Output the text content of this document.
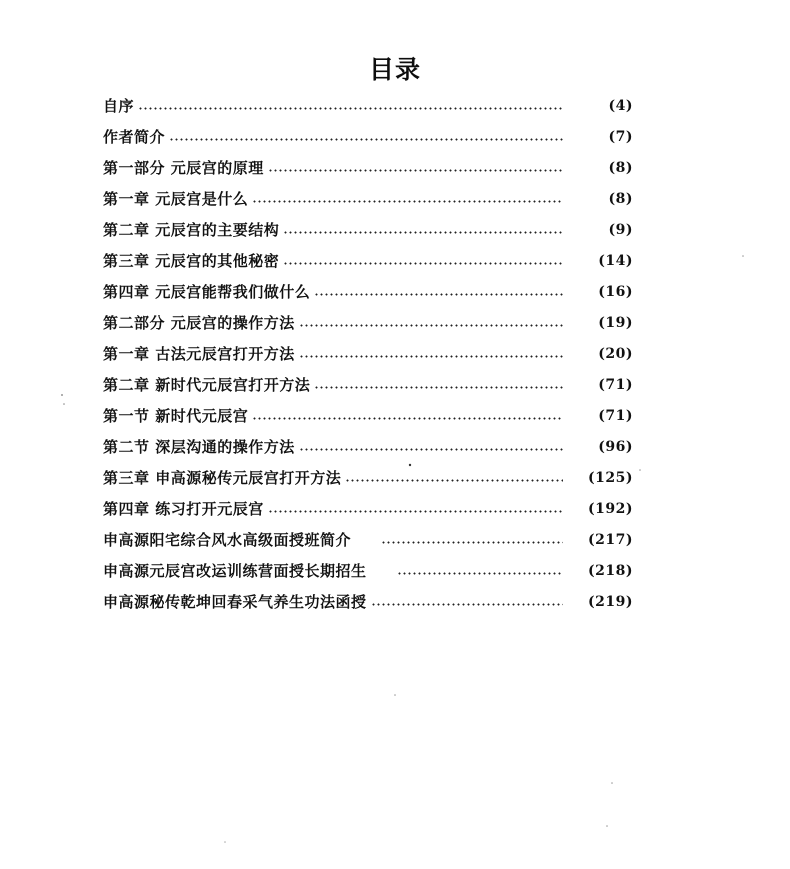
目录
自序	(4)
作者简介	(7)
第一部分 元辰宫的原理	(8)
第一章 元辰宫是什么	(8)
第二章 元辰宫的主要结构	(9)
第三章 元辰宫的其他秘密	(14)
第四章 元辰宫能帮我们做什么	(16)
第二部分 元辰宫的操作方法	(19)
第一章 古法元辰宫打开方法	(20)
第二章 新时代元辰宫打开方法	(71)
第一节 新时代元辰宫	(71)
第二节 深层沟通的操作方法	(96)
第三章 申高源秘传元辰宫打开方法	(125)
第四章 练习打开元辰宫	(192)
申高源阳宅综合风水高级面授班简介	(217)
申高源元辰宫改运训练营面授长期招生	(218)
申高源秘传乾坤回春采气养生功法函授	(219)
